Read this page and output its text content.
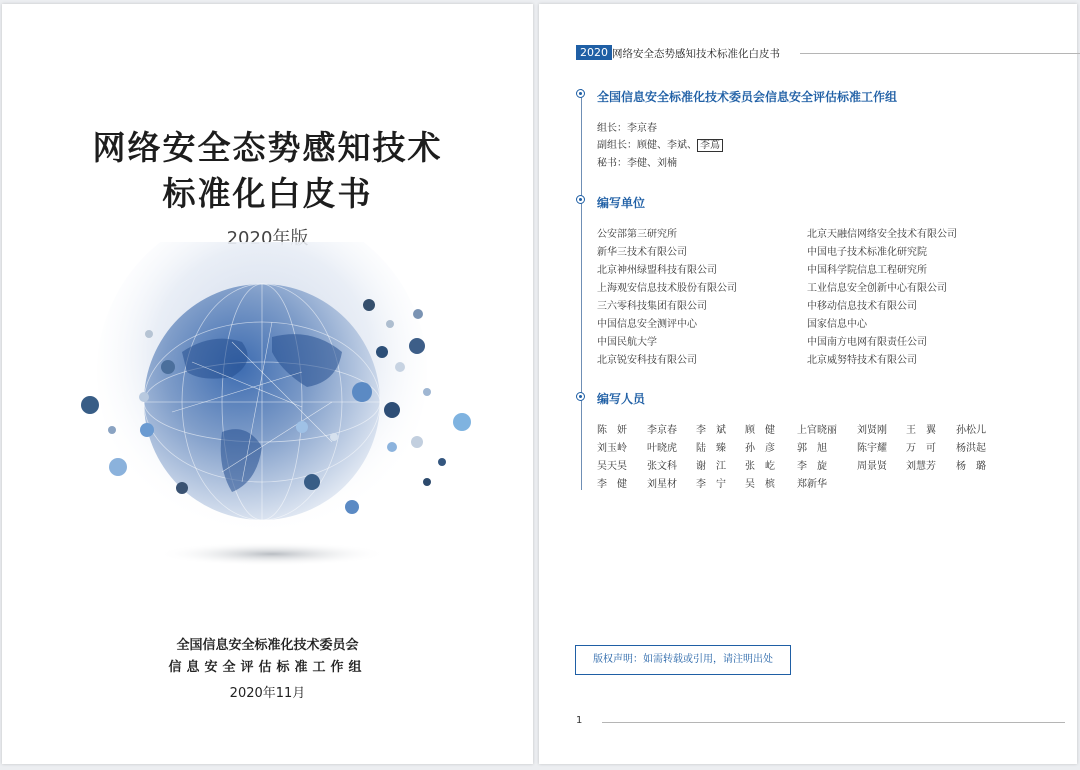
网络安全态势感知技术
标准化白皮书
2020年版
全国信息安全标准化技术委员会
信息安全评估标准工作组
2020年11月
2020 网络安全态势感知技术标准化白皮书
全国信息安全标准化技术委员会信息安全评估标准工作组
组长：李京春
副组长：顾健、李斌、 李蔦
秘书：李健、刘楠
编写单位
编写人员
版权声明：如需转载或引用，请注明出处
1
公安部第三研究所
新华三技术有限公司
北京神州绿盟科技有限公司
上海观安信息技术股份有限公司
三六零科技集团有限公司
中国信息安全测评中心
中国民航大学
北京锐安科技有限公司
北京天融信网络安全技术有限公司
中国电子技术标准化研究院
中国科学院信息工程研究所
工业信息安全创新中心有限公司
中移动信息技术有限公司
国家信息中心
中国南方电网有限责任公司
北京威努特技术有限公司
陈　妍 李京春 李　斌 顾　健 上官晓丽 刘贤刚 王　翼 孙松儿
刘玉岭 叶晓虎 陆　臻 孙　彦 郭　旭	陈宇耀 万　可 杨洪起
吴天昊 张文科 谢　江 张　屹 李　旋	周景贤 刘慧芳 杨　璐
李　健 刘星材 李　宁 吴　槟 郑新华
